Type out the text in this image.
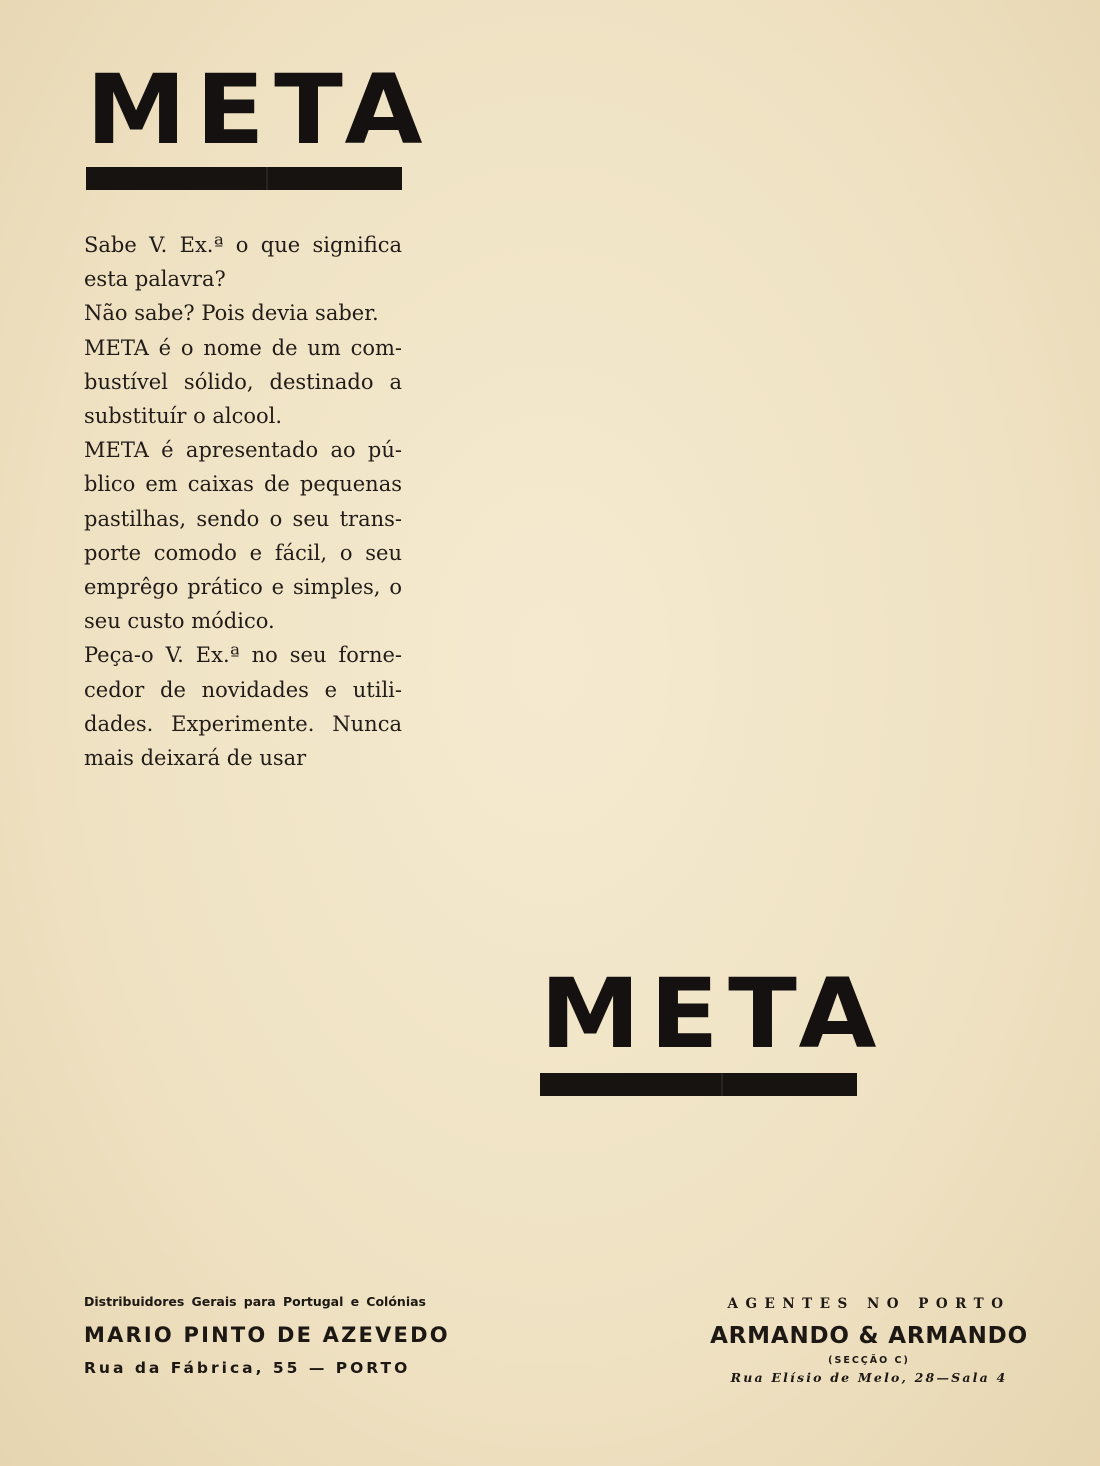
META

Sabe V. Ex.ª o que significa

esta palavra?

Não sabe? Pois devia saber.

META é o nome de um com-

bustível sólido, destinado a

substituír o alcool.

META é apresentado ao pú-

blico em caixas de pequenas

pastilhas, sendo o seu trans-

porte comodo e fácil, o seu

emprêgo prático e simples, o

seu custo módico.

Peça-o V. Ex.ª no seu forne-

cedor de novidades e utili-

dades. Experimente. Nunca

mais deixará de usar

META
Distribuidores Gerais para Portugal e Colónias
MARIO PINTO DE AZEVEDO
Rua da Fábrica, 55 — PORTO
AGENTES NO PORTO
ARMANDO & ARMANDO
(SECÇÃO C)
Rua Elísio de Melo, 28—Sala 4
